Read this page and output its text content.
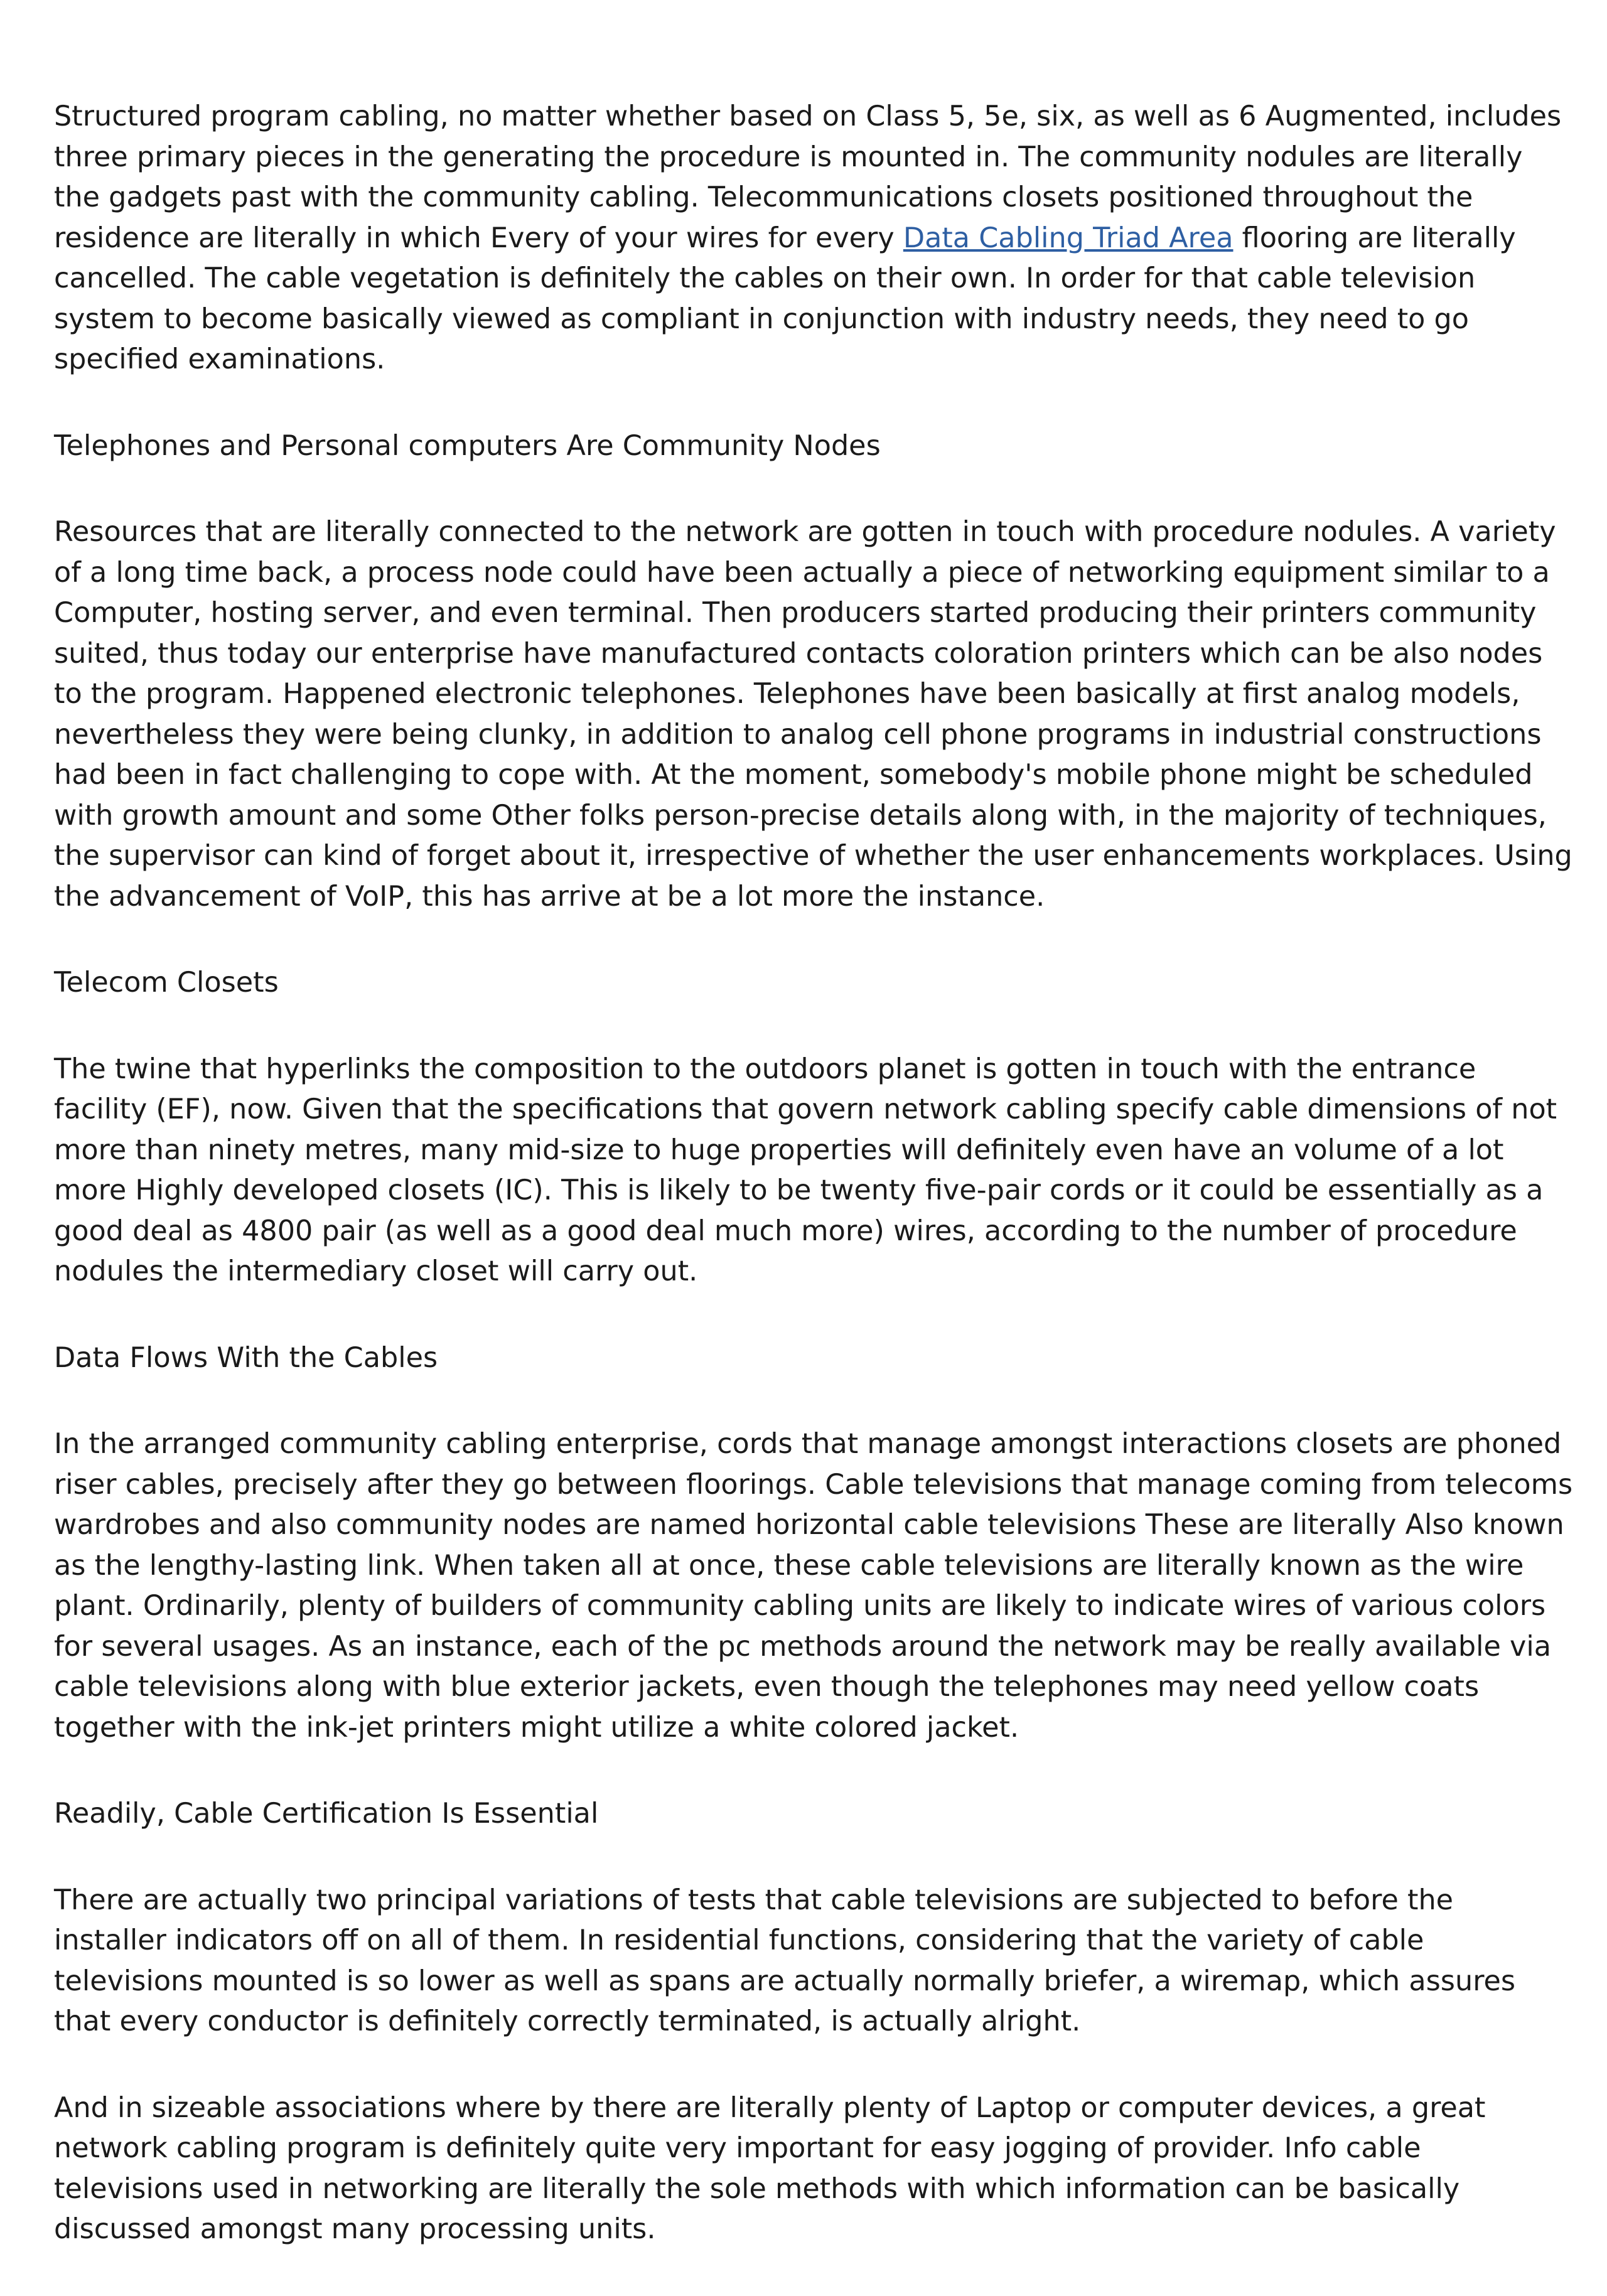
Structured program cabling, no matter whether based on Class 5, 5e, six, as well as 6 Augmented, includes three primary pieces in the generating the procedure is mounted in. The community nodules are literally the gadgets past with the community cabling. Telecommunications closets positioned throughout the residence are literally in which Every of your wires for every Data Cabling Triad Area flooring are literally cancelled. The cable vegetation is definitely the cables on their own. In order for that cable television system to become basically viewed as compliant in conjunction with industry needs, they need to go specified examinations.

Telephones and Personal computers Are Community Nodes

Resources that are literally connected to the network are gotten in touch with procedure nodules. A variety of a long time back, a process node could have been actually a piece of networking equipment similar to a Computer, hosting server, and even terminal. Then producers started producing their printers community suited, thus today our enterprise have manufactured contacts coloration printers which can be also nodes to the program. Happened electronic telephones. Telephones have been basically at first analog models, nevertheless they were being clunky, in addition to analog cell phone programs in industrial constructions had been in fact challenging to cope with. At the moment, somebody's mobile phone might be scheduled with growth amount and some Other folks person-precise details along with, in the majority of techniques, the supervisor can kind of forget about it, irrespective of whether the user enhancements workplaces. Using the advancement of VoIP, this has arrive at be a lot more the instance.

Telecom Closets

The twine that hyperlinks the composition to the outdoors planet is gotten in touch with the entrance facility (EF), now. Given that the specifications that govern network cabling specify cable dimensions of not more than ninety metres, many mid-size to huge properties will definitely even have an volume of a lot more Highly developed closets (IC). This is likely to be twenty five-pair cords or it could be essentially as a good deal as 4800 pair (as well as a good deal much more) wires, according to the number of procedure nodules the intermediary closet will carry out.

Data Flows With the Cables

In the arranged community cabling enterprise, cords that manage amongst interactions closets are phoned riser cables, precisely after they go between floorings. Cable televisions that manage coming from telecoms wardrobes and also community nodes are named horizontal cable televisions These are literally Also known as the lengthy-lasting link. When taken all at once, these cable televisions are literally known as the wire plant. Ordinarily, plenty of builders of community cabling units are likely to indicate wires of various colors for several usages. As an instance, each of the pc methods around the network may be really available via cable televisions along with blue exterior jackets, even though the telephones may need yellow coats together with the ink-jet printers might utilize a white colored jacket.

Readily, Cable Certification Is Essential

There are actually two principal variations of tests that cable televisions are subjected to before the installer indicators off on all of them. In residential functions, considering that the variety of cable televisions mounted is so lower as well as spans are actually normally briefer, a wiremap, which assures that every conductor is definitely correctly terminated, is actually alright.

And in sizeable associations where by there are literally plenty of Laptop or computer devices, a great network cabling program is definitely quite very important for easy jogging of provider. Info cable televisions used in networking are literally the sole methods with which information can be basically discussed amongst many processing units.
